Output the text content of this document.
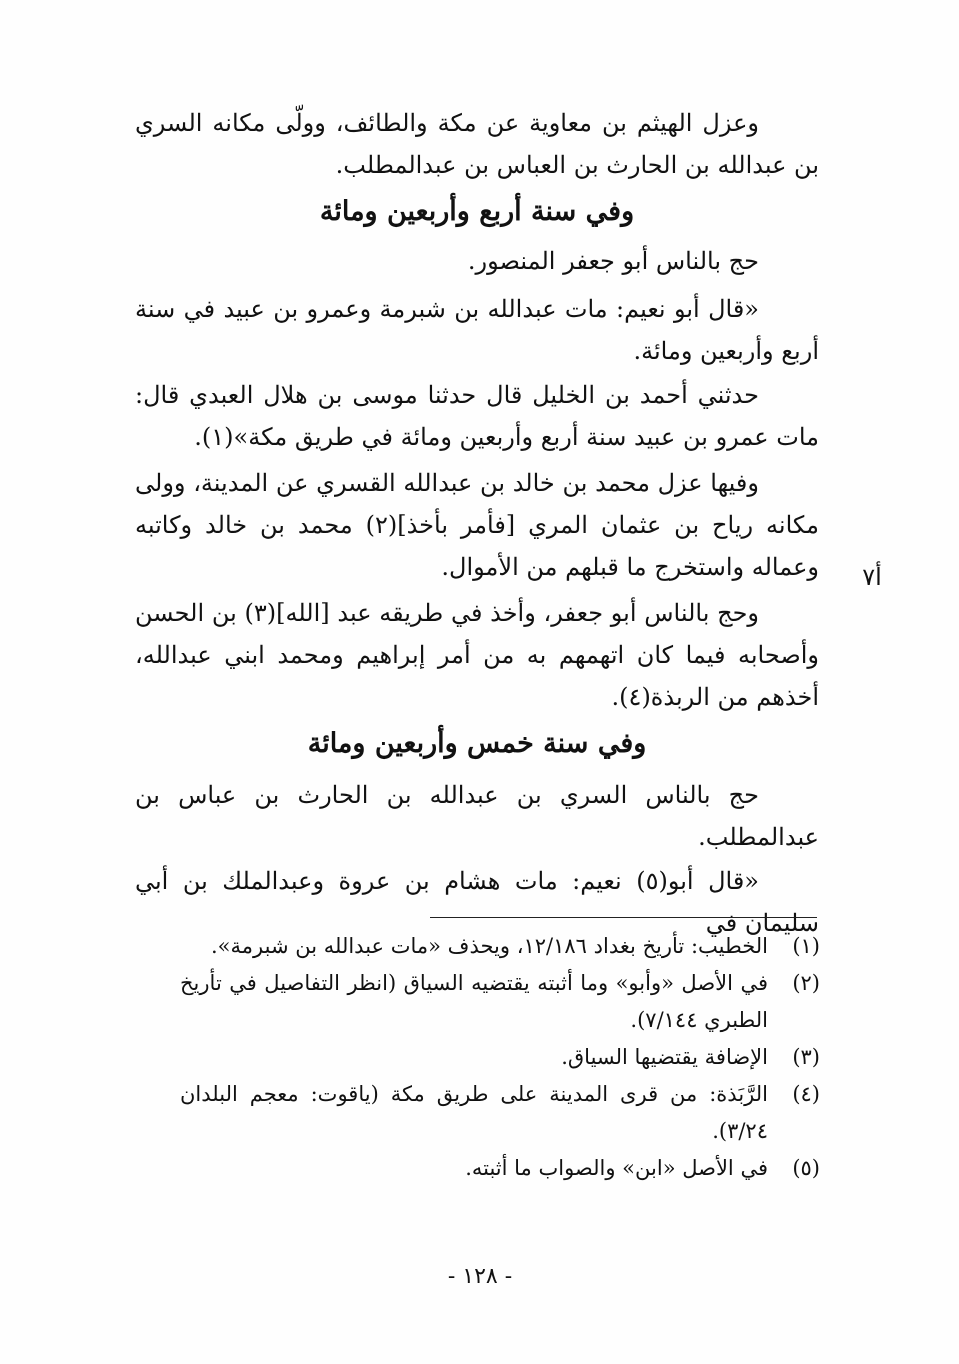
وعزل الهيثم بن معاوية عن مكة والطائف، وولّى مكانه السري بن عبدالله بن الحارث بن العباس بن عبدالمطلب.

وفي سنة أربع وأربعين ومائة

حج بالناس أبو جعفر المنصور.

«قال أبو نعيم: مات عبدالله بن شبرمة وعمرو بن عبيد في سنة أربع وأربعين ومائة.

حدثني أحمد بن الخليل قال حدثنا موسى بن هلال العبدي قال: مات عمرو بن عبيد سنة أربع وأربعين ومائة في طريق مكة»(١).

وفيها عزل محمد بن خالد بن عبدالله القسري عن المدينة، وولى مكانه رياح بن عثمان المري [فأمر بأخذ](٢) محمد بن خالد وكاتبه وعماله واستخرج ما قبلهم من الأموال.	أ٧

وحج بالناس أبو جعفر، وأخذ في طريقه عبد [الله](٣) بن الحسن وأصحابه فيما كان اتهمهم به من أمر إبراهيم ومحمد ابني عبدالله، أخذهم من الربذة(٤).

وفي سنة خمس وأربعين ومائة

حج بالناس السري بن عبدالله بن الحارث بن عباس بن عبدالمطلب.

«قال أبو(٥) نعيم: مات هشام بن عروة وعبدالملك بن أبي سليمان في

(١)
الخطيب: تأريخ بغداد ١٢/١٨٦، ويحذف «مات عبدالله بن شبرمة».
(٢)
في الأصل «وأبو» وما أثبته يقتضيه السياق (انظر التفاصيل في تأريخ الطبري ٧/١٤٤).
(٣)
الإضافة يقتضيها السياق.
(٤)
الرَّبَذة: من قرى المدينة على طريق مكة (ياقوت: معجم البلدان ٣/٢٤).
(٥)
في الأصل «ابن» والصواب ما أثبته.
- ١٢٨ -
